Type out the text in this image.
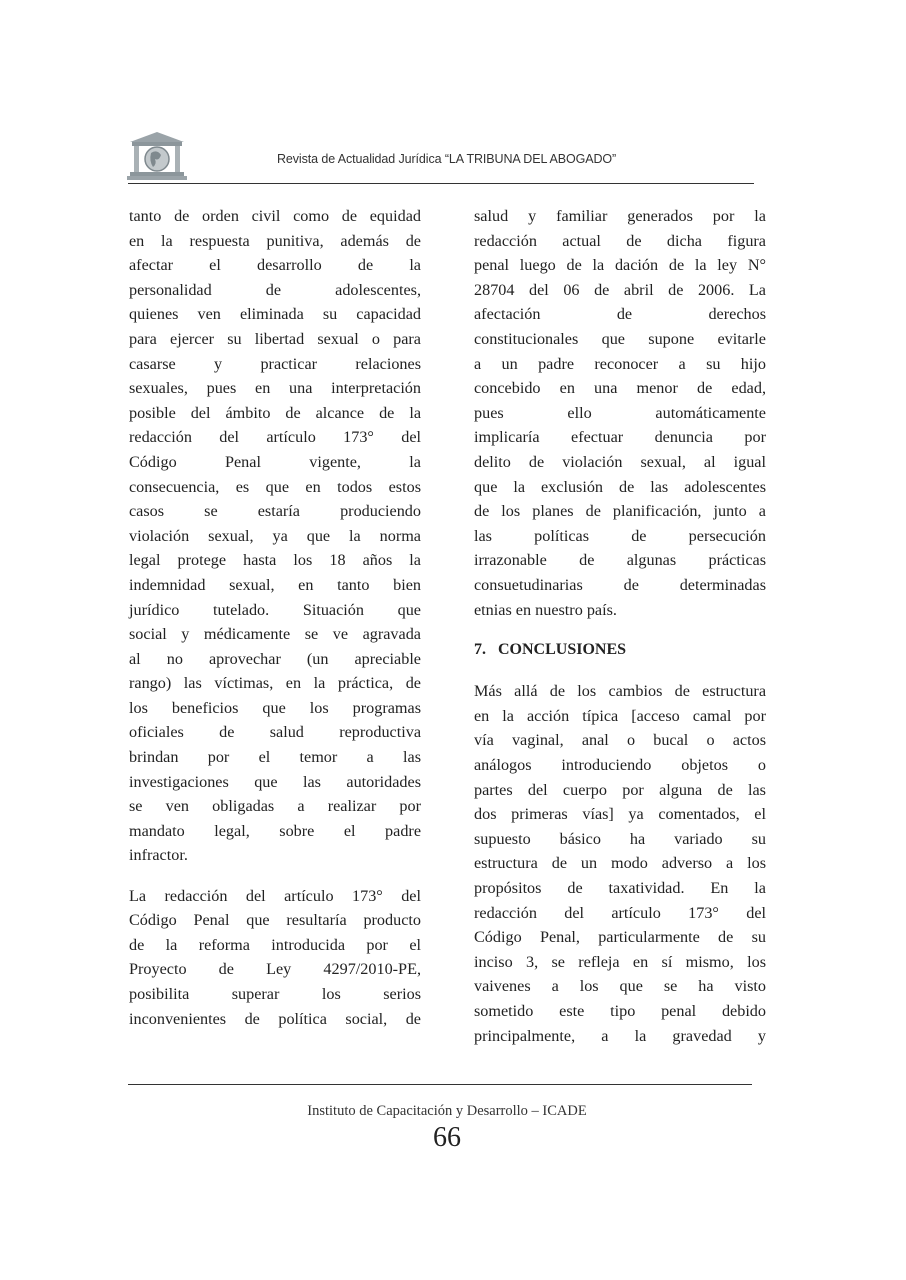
Revista de Actualidad Jurídica “LA TRIBUNA DEL ABOGADO”
tanto de orden civil como de equidad
en la respuesta punitiva, además de
afectar el desarrollo de la
personalidad de adolescentes,
quienes ven eliminada su capacidad
para ejercer su libertad sexual o para
casarse y practicar relaciones
sexuales, pues en una interpretación
posible del ámbito de alcance de la
redacción del artículo 173° del
Código Penal vigente, la
consecuencia, es que en todos estos
casos se estaría produciendo
violación sexual, ya que la norma
legal protege hasta los 18 años la
indemnidad sexual, en tanto bien
jurídico tutelado. Situación que
social y médicamente se ve agravada
al no aprovechar (un apreciable
rango) las víctimas, en la práctica, de
los beneficios que los programas
oficiales de salud reproductiva
brindan por el temor a las
investigaciones que las autoridades
se ven obligadas a realizar por
mandato legal, sobre el padre
infractor.
La redacción del artículo 173° del
Código Penal que resultaría producto
de la reforma introducida por el
Proyecto de Ley 4297/2010-PE,
posibilita superar los serios
inconvenientes de política social, de
salud y familiar generados por la
redacción actual de dicha figura
penal luego de la dación de la ley N°
28704 del 06 de abril de 2006. La
afectación de derechos
constitucionales que supone evitarle
a un padre reconocer a su hijo
concebido en una menor de edad,
pues ello automáticamente
implicaría efectuar denuncia por
delito de violación sexual, al igual
que la exclusión de las adolescentes
de los planes de planificación, junto a
las políticas de persecución
irrazonable de algunas prácticas
consuetudinarias de determinadas
etnias en nuestro país.
7.   CONCLUSIONES
Más allá de los cambios de estructura
en la acción típica [acceso camal por
vía vaginal, anal o bucal o actos
análogos introduciendo objetos o
partes del cuerpo por alguna de las
dos primeras vías] ya comentados, el
supuesto básico ha variado su
estructura de un modo adverso a los
propósitos de taxatividad. En la
redacción del artículo 173° del
Código Penal, particularmente de su
inciso 3, se refleja en sí mismo, los
vaivenes a los que se ha visto
sometido este tipo penal debido
principalmente, a la gravedad y
Instituto de Capacitación y Desarrollo – ICADE
66
